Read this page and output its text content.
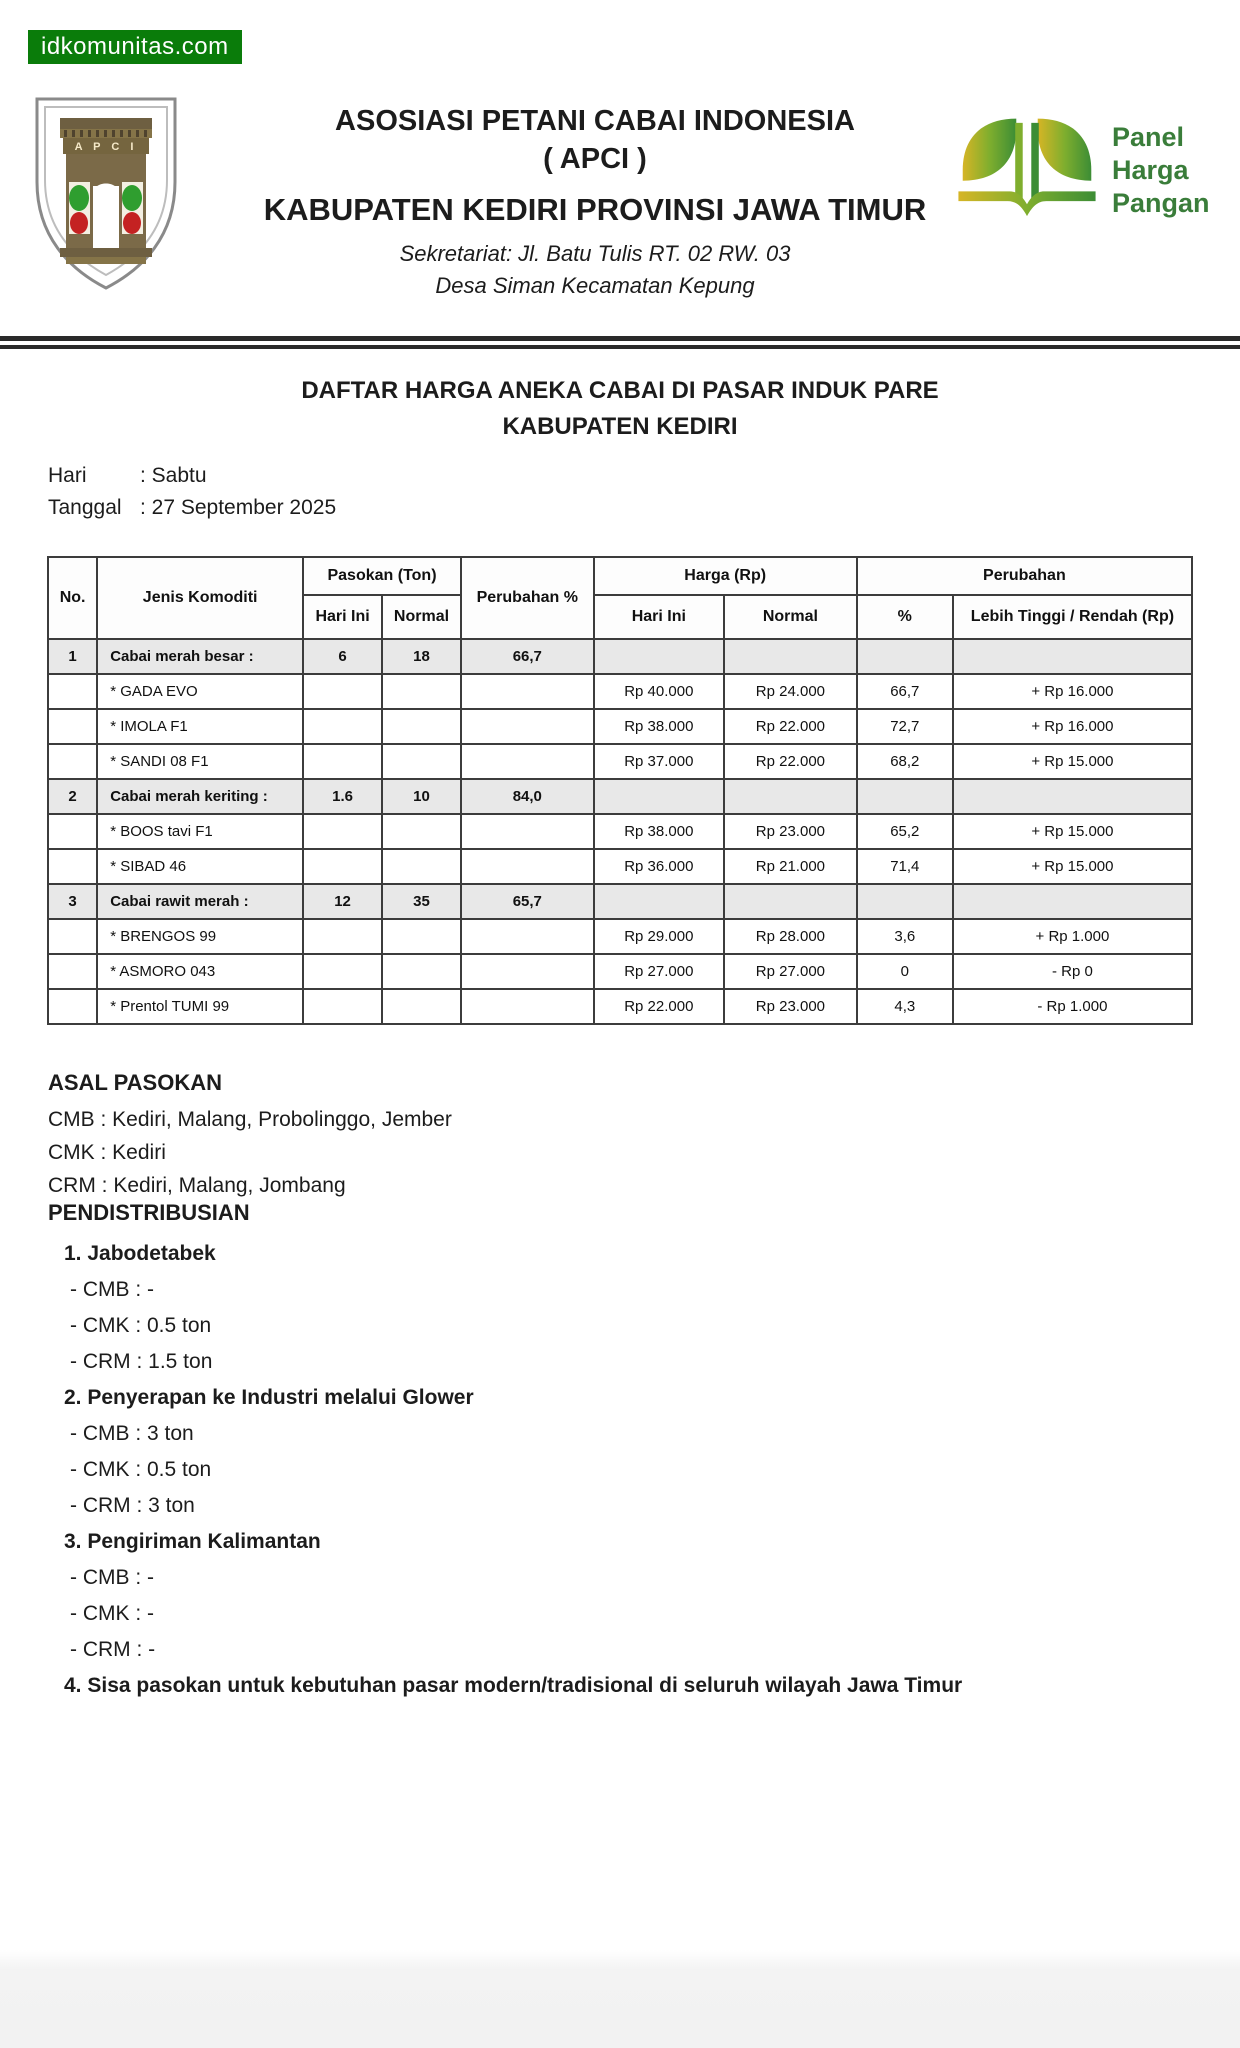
idkomunitas.com
A P C I
ASOSIASI PETANI CABAI INDONESIA
( APCI )
KABUPATEN KEDIRI PROVINSI JAWA TIMUR
Sekretariat: Jl. Batu Tulis RT. 02 RW. 03
Desa Siman Kecamatan Kepung
Panel
Harga
Pangan
DAFTAR HARGA ANEKA CABAI DI PASAR INDUK PARE
KABUPATEN KEDIRI
Hari	: Sabtu
Tanggal : 27 September 2025
No.	Jenis Komoditi	Pasokan (Ton)		Perubahan %	Harga (Rp)		Perubahan	
		Hari Ini	Normal		Hari Ini	Normal	%	Lebih Tinggi / Rendah (Rp)
1	Cabai merah besar :	6	18	66,7				
	* GADA EVO				Rp 40.000	Rp 24.000	66,7	+ Rp 16.000
	* IMOLA F1				Rp 38.000	Rp 22.000	72,7	+ Rp 16.000
	* SANDI 08 F1				Rp 37.000	Rp 22.000	68,2	+ Rp 15.000
2	Cabai merah keriting :	1.6	10	84,0				
	* BOOS tavi F1				Rp 38.000	Rp 23.000	65,2	+ Rp 15.000
	* SIBAD 46				Rp 36.000	Rp 21.000	71,4	+ Rp 15.000
3	Cabai rawit merah :	12	35	65,7				
	* BRENGOS 99				Rp 29.000	Rp 28.000	3,6	+ Rp 1.000
	* ASMORO 043				Rp 27.000	Rp 27.000	0	- Rp 0
	* Prentol TUMI 99				Rp 22.000	Rp 23.000	4,3	- Rp 1.000
ASAL PASOKAN
CMB : Kediri, Malang, Probolinggo, Jember
CMK : Kediri
CRM : Kediri, Malang, Jombang
PENDISTRIBUSIAN
1. Jabodetabek
- CMB : -
- CMK : 0.5 ton
- CRM : 1.5 ton
2. Penyerapan ke Industri melalui Glower
- CMB : 3 ton
- CMK : 0.5 ton
- CRM : 3 ton
3. Pengiriman Kalimantan
- CMB : -
- CMK : -
- CRM : -
4. Sisa pasokan untuk kebutuhan pasar modern/tradisional di seluruh wilayah Jawa Timur
